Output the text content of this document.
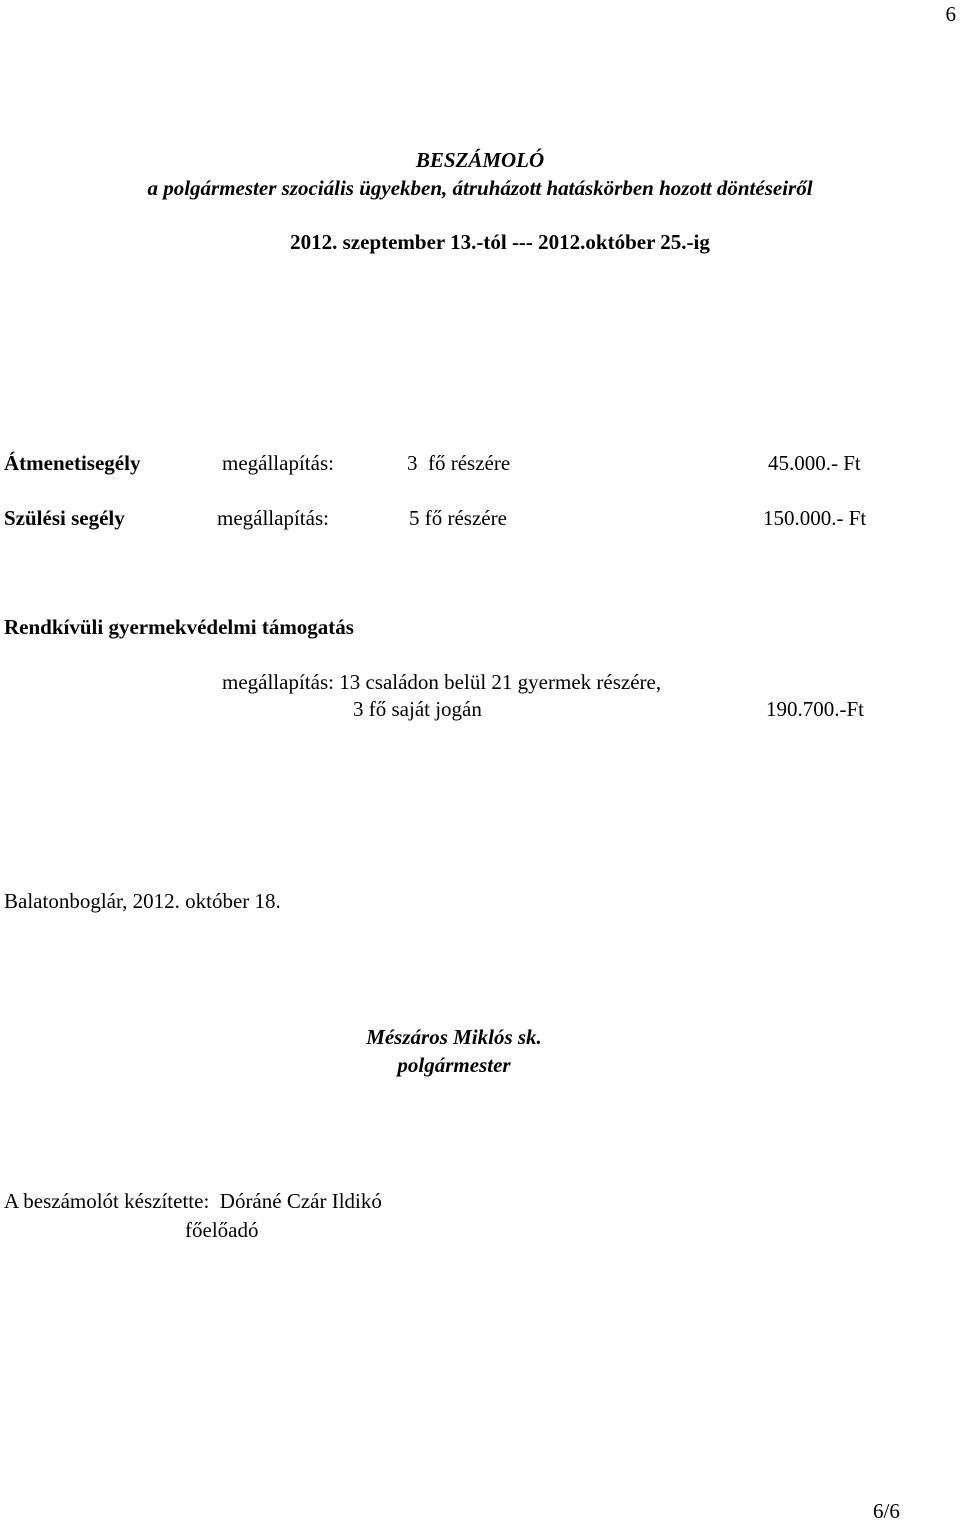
6
BESZÁMOLÓ
a polgármester szociális ügyekben, átruházott hatáskörben hozott döntéseiről
2012. szeptember 13.-tól --- 2012.október 25.-ig
Átmenetisegély	megállapítás:	3  fő részére	45.000.- Ft
Szülési segély	megállapítás:	5 fő részére	150.000.- Ft
Rendkívüli gyermekvédelmi támogatás
megállapítás: 13 családon belül 21 gyermek részére,
3 fő saját jogán	190.700.-Ft
Balatonboglár, 2012. október 18.
Mészáros Miklós sk.
polgármester
A beszámolót készítette:  Dóráné Czár Ildikó
főelőadó
6/6
